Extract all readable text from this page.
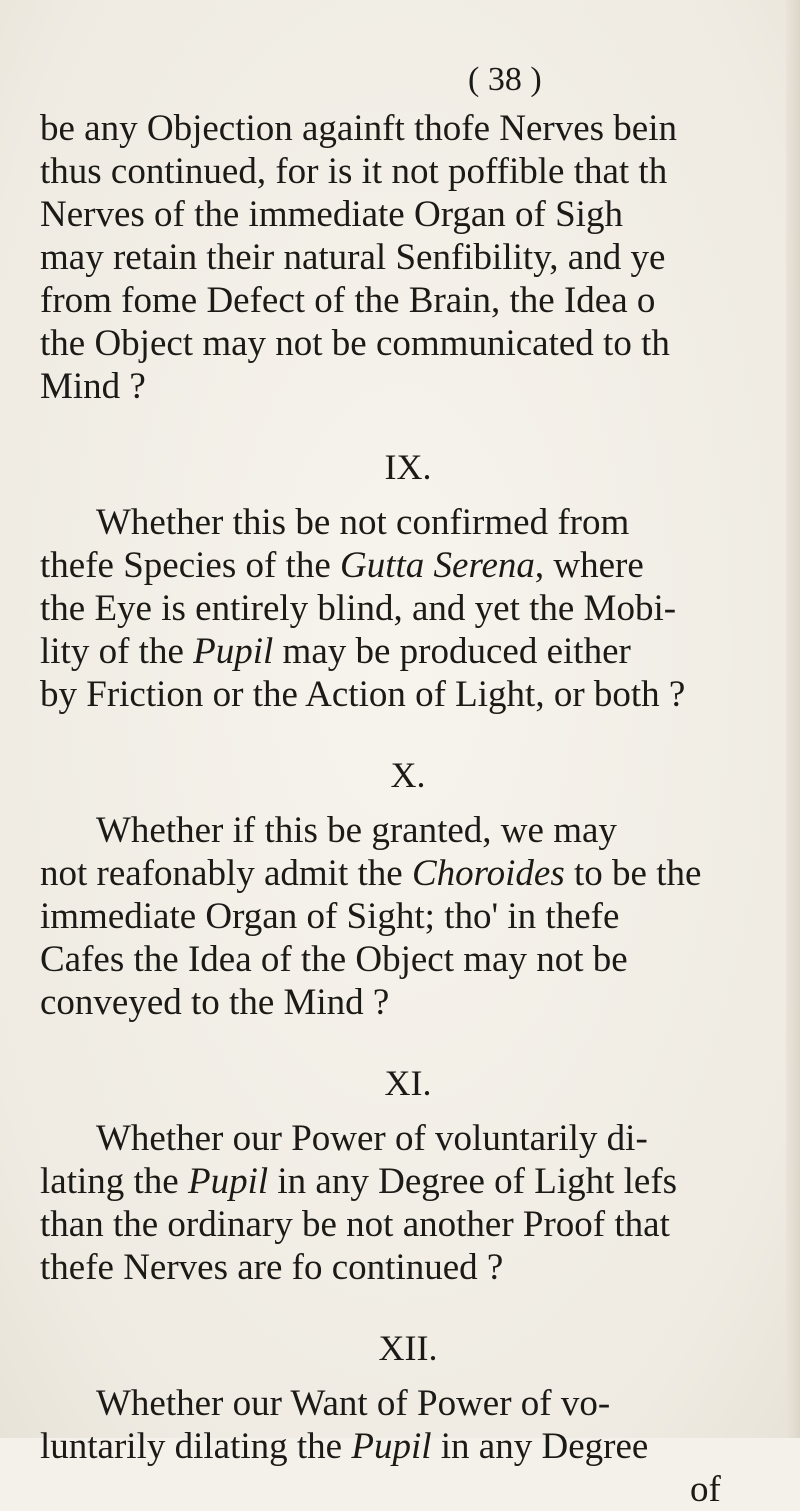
( 38 )
be any Objection againft thofe Nerves bein
thus continued, for is it not poffible that th
Nerves of the immediate Organ of Sigh
may retain their natural Senfibility, and ye
from fome Defect of the Brain, the Idea o
the Object may not be communicated to th
Mind ?
IX.
Whether this be not confirmed from
thefe Species of the Gutta Serena, where
the Eye is entirely blind, and yet the Mobi-
lity of the Pupil may be produced either
by Friction or the Action of Light, or both ?
X.
Whether if this be granted, we may
not reafonably admit the Choroides to be the
immediate Organ of Sight; tho' in thefe
Cafes the Idea of the Object may not be
conveyed to the Mind ?
XI.
Whether our Power of voluntarily di-
lating the Pupil in any Degree of Light lefs
than the ordinary be not another Proof that
thefe Nerves are fo continued ?
XII.
Whether our Want of Power of vo-
luntarily dilating the Pupil in any Degree
of
